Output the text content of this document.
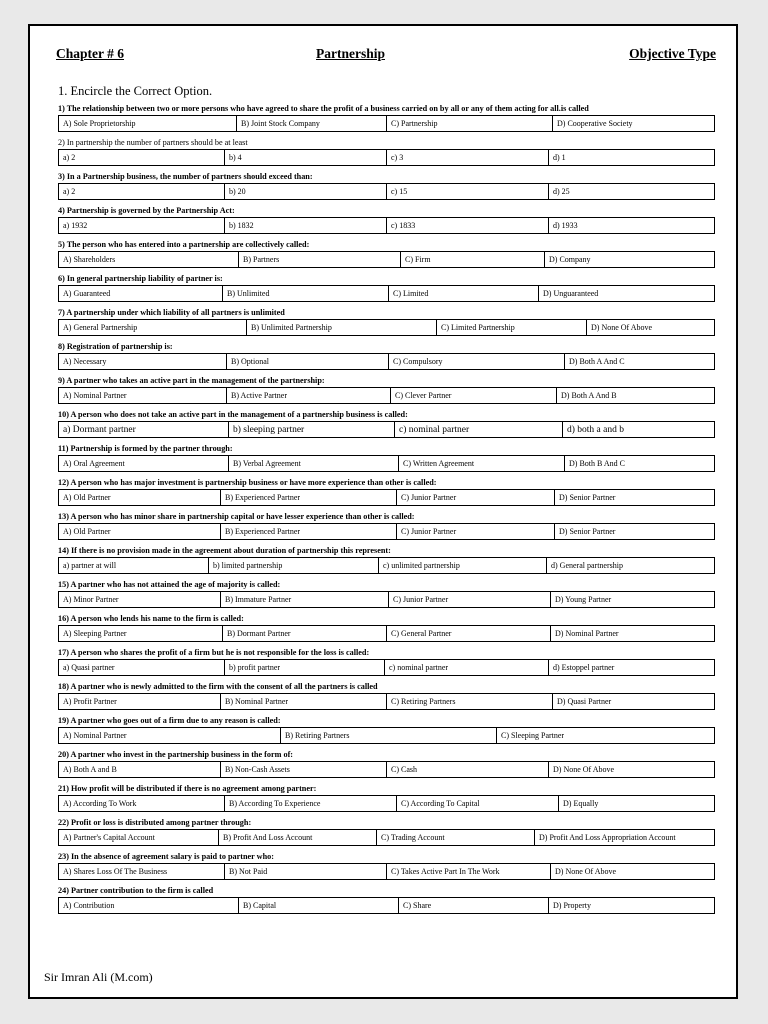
Chapter # 6	Partnership	Objective Type
1. Encircle the Correct Option.
1) The relationship between two or more persons who have agreed to share the profit of a business carried on by all or any of them acting for all.is called
A) Sole Proprietorship	B) Joint Stock Company	C) Partnership	D) Cooperative Society
2) In partnership the number of partners should be at least
a) 2	b) 4	c) 3	d) 1
3) In a Partnership business, the number of partners should exceed than:
a) 2	b) 20	c) 15	d) 25
4) Partnership is governed by the Partnership Act:
a) 1932	b) 1832	c) 1833	d) 1933
5) The person who has entered into a partnership are collectively called:
A) Shareholders	B) Partners	C) Firm	D) Company
6) In general partnership liability of partner is:
A) Guaranteed	B) Unlimited	C) Limited	D) Unguaranteed
7) A partnership under which liability of all partners is unlimited
A) General Partnership	B) Unlimited Partnership	C) Limited Partnership	D) None Of Above
8) Registration of partnership is:
A) Necessary	B) Optional	C) Compulsory	D) Both A And C
9) A partner who takes an active part in the management of the partnership:
A) Nominal Partner	B) Active Partner	C) Clever Partner	D) Both A And B
10) A person who does not take an active part in the management of a partnership business is called:
a) Dormant partner	b) sleeping partner	c) nominal partner	d) both a and b
11) Partnership is formed by the partner through:
A) Oral Agreement	B) Verbal Agreement	C) Written Agreement	D) Both B And C
12) A person who has major investment is partnership business or have more experience than other is called:
A) Old Partner	B) Experienced Partner	C) Junior Partner	D) Senior Partner
13) A person who has minor share in partnership capital or have lesser experience than other is called:
A) Old Partner	B) Experienced Partner	C) Junior Partner	D) Senior Partner
14) If there is no provision made in the agreement about duration of partnership this represent:
a) partner at will	b) limited partnership	c) unlimited partnership	d) General partnership
15) A partner who has not attained the age of majority is called:
A) Minor Partner	B) Immature Partner	C) Junior Partner	D) Young Partner
16) A person who lends his name to the firm is called:
A) Sleeping Partner	B) Dormant Partner	C) General Partner	D) Nominal Partner
17) A person who shares the profit of a firm but he is not responsible for the loss is called:
a) Quasi partner	b) profit partner	c) nominal partner	d) Estoppel partner
18) A partner who is newly admitted to the firm with the consent of all the partners is called
A) Profit Partner	B) Nominal Partner	C) Retiring Partners	D) Quasi Partner
19) A partner who goes out of a firm due to any reason is called:
A) Nominal Partner	B) Retiring Partners	C) Sleeping Partner
20) A partner who invest in the partnership business in the form of:
A) Both A and B	B) Non-Cash Assets	C) Cash	D) None Of Above
21) How profit will be distributed if there is no agreement among partner:
A) According To Work	B) According To Experience	C) According To Capital	D) Equally
22) Profit or loss is distributed among partner through:
A) Partner's Capital Account	B) Profit And Loss Account	C) Trading Account	D) Profit And Loss Appropriation Account
23) In the absence of agreement salary is paid to partner who:
A) Shares Loss Of The Business	B) Not Paid	C) Takes Active Part In The Work	D) None Of Above
24) Partner contribution to the firm is called
A) Contribution	B) Capital	C) Share	D) Property
Sir Imran Ali (M.com)
